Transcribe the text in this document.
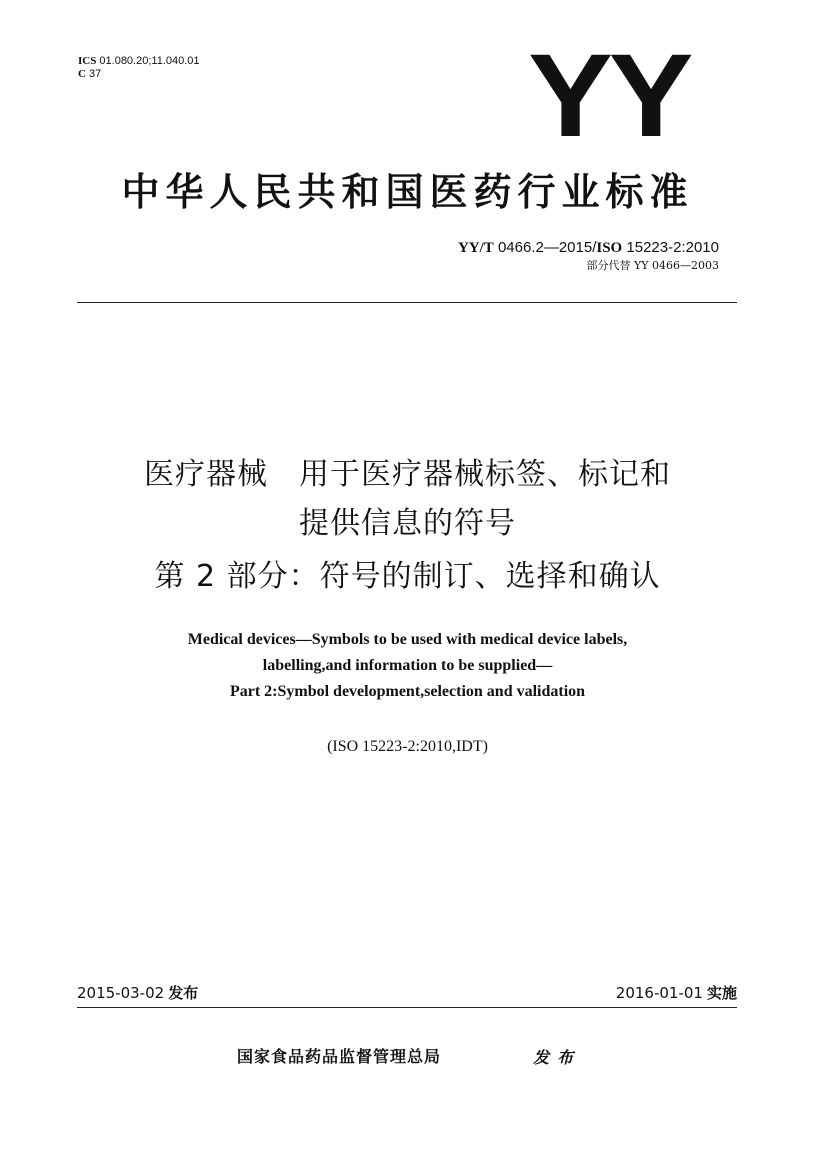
ICS 01.080.20;11.040.01
C 37	YY
中华人民共和国医药行业标准
YY/T 0466.2—2015/ISO 15223-2:2010
部分代替 YY 0466—2003
医疗器械　用于医疗器械标签、标记和
提供信息的符号
第 2 部分：符号的制订、选择和确认
Medical devices—Symbols to be used with medical device labels,
labelling,and information to be supplied—
Part 2:Symbol development,selection and validation
(ISO 15223-2:2010,IDT)
2015-03-02 发布	2016-01-01 实施
国家食品药品监督管理总局	发布
